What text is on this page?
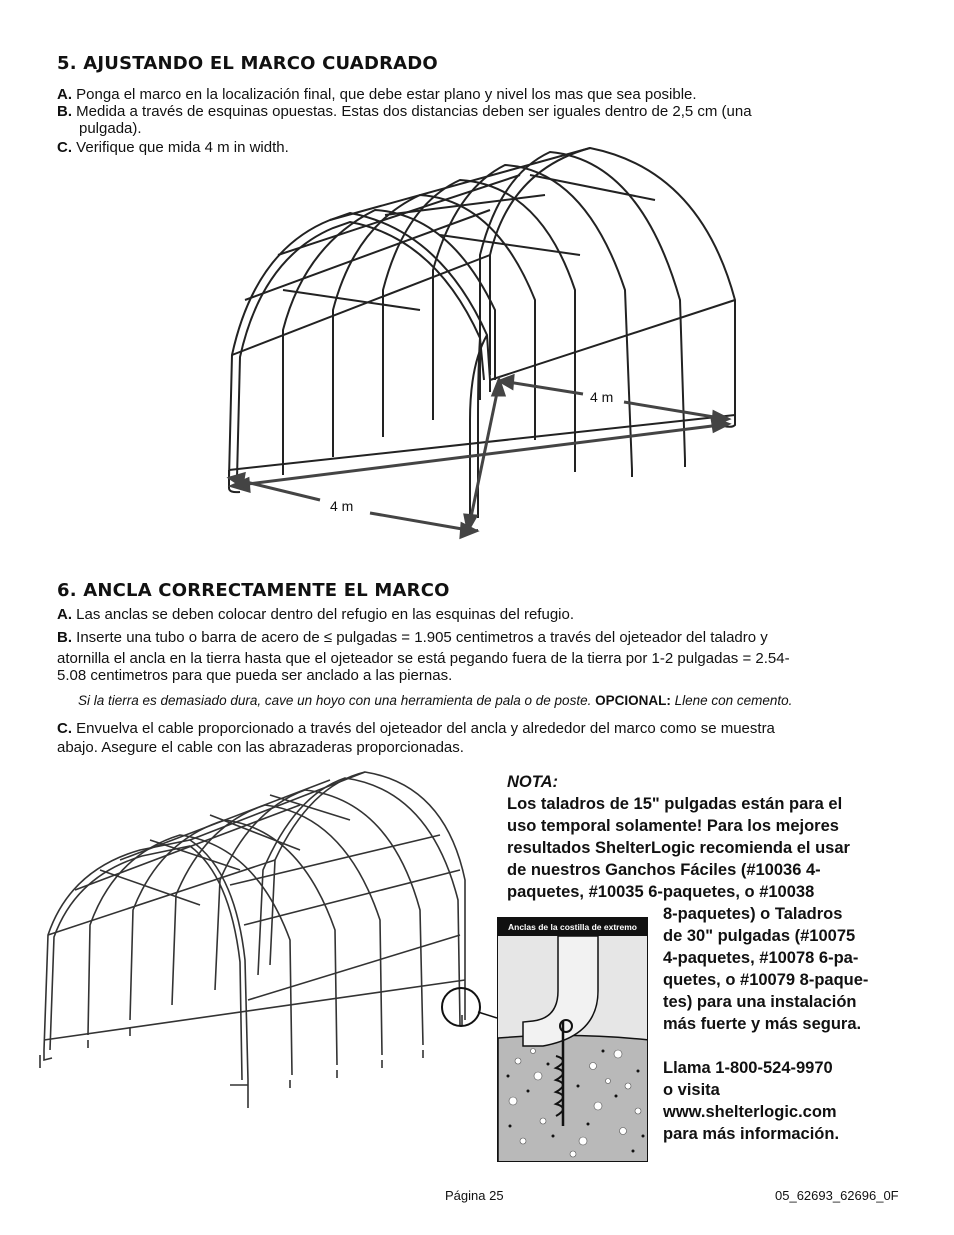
5. AJUSTANDO EL MARCO CUADRADO
A. Ponga el marco en la localización final, que debe estar plano y nivel los mas que sea posible.
B. Medida a través de esquinas opuestas. Estas dos distancias deben ser iguales dentro de 2,5 cm (una
pulgada).
C. Verifique que mida 4 m in width.
4 m
4 m
6. ANCLA CORRECTAMENTE EL MARCO
A. Las anclas se deben colocar dentro del refugio en las esquinas del refugio.
B. Inserte una tubo o barra de acero de ≤ pulgadas = 1.905 centimetros a través del ojeteador del taladro y
atornilla el ancla en la tierra hasta que el ojeteador se está pegando fuera de la tierra por 1-2 pulgadas = 2.54-
5.08 centimetros para que pueda ser anclado a las piernas.
Si la tierra es demasiado dura, cave un hoyo con una herramienta de pala o de poste. OPCIONAL: Llene con cemento.
C. Envuelva el cable proporcionado a través del ojeteador del ancla y alrededor del marco como se muestra
abajo. Asegure el cable con las abrazaderas proporcionadas.
Anclas de la costilla de extremo
NOTA:
Los taladros de 15" pulgadas están para el
uso temporal solamente! Para los mejores
resultados ShelterLogic recomienda el usar
de nuestros Ganchos Fáciles (#10036 4-
paquetes, #10035 6-paquetes, o #10038
8-paquetes) o Taladros
de 30" pulgadas (#10075
4-paquetes, #10078 6-pa-
quetes, o #10079 8-paque-
tes) para una instalación
más fuerte y más segura.
Llama 1-800-524-9970
o visita
www.shelterlogic.com
para más información.
Página 25	05_62693_62696_0F
